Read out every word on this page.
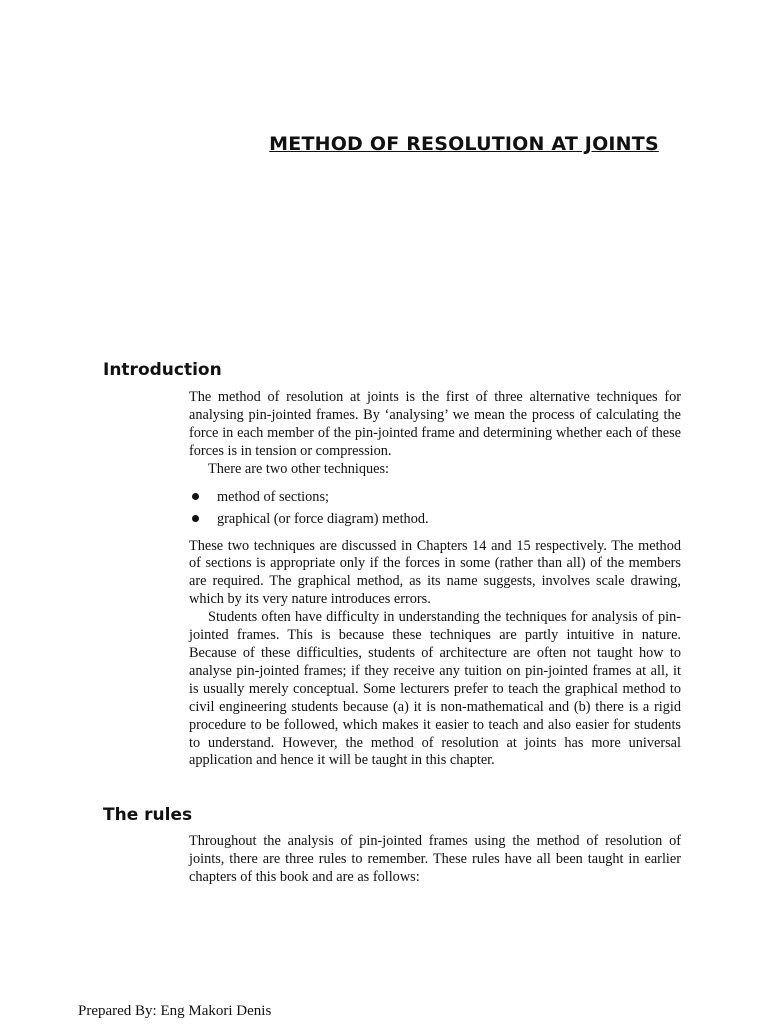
METHOD OF RESOLUTION AT JOINTS
Introduction

The method of resolution at joints is the first of three alternative techniques for analysing pin-jointed frames. By ‘analysing’ we mean the process of calculating the force in each member of the pin-jointed frame and determining whether each of these forces is in tension or compression.

There are two other techniques:

method of sections;
graphical (or force diagram) method.

These two techniques are discussed in Chapters 14 and 15 respectively. The method of sections is appropriate only if the forces in some (rather than all) of the members are required. The graphical method, as its name suggests, involves scale drawing, which by its very nature introduces errors.

Students often have difficulty in understanding the techniques for analysis of pin-jointed frames. This is because these techniques are partly intuitive in nature. Because of these difficulties, students of architecture are often not taught how to analyse pin-jointed frames; if they receive any tuition on pin-jointed frames at all, it is usually merely conceptual. Some lecturers prefer to teach the graphical method to civil engineering students because (a) it is non-mathematical and (b) there is a rigid procedure to be followed, which makes it easier to teach and also easier for students to understand. However, the method of resolution at joints has more universal application and hence it will be taught in this chapter.

The rules

Throughout the analysis of pin-jointed frames using the method of resolution of joints, there are three rules to remember. These rules have all been taught in earlier chapters of this book and are as follows:

Prepared By: Eng Makori Denis
